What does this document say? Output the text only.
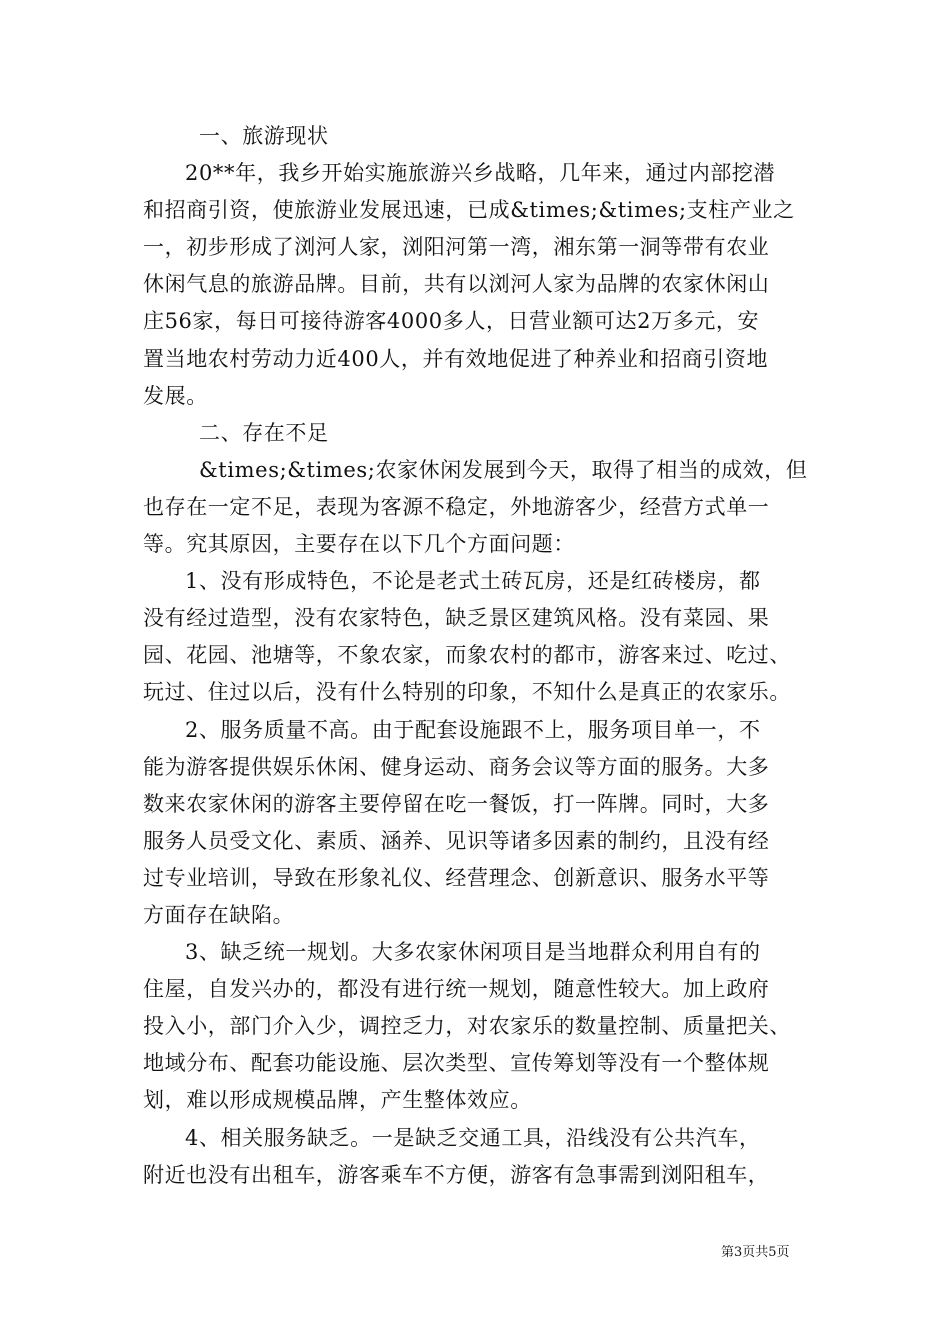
一、旅游现状
20**年，我乡开始实施旅游兴乡战略，几年来，通过内部挖潜
和招商引资，使旅游业发展迅速，已成&times;&times;支柱产业之
一，初步形成了浏河人家，浏阳河第一湾，湘东第一洞等带有农业
休闲气息的旅游品牌。目前，共有以浏河人家为品牌的农家休闲山
庄56家，每日可接待游客4000多人，日营业额可达2万多元，安
置当地农村劳动力近400人，并有效地促进了种养业和招商引资地
发展。
二、存在不足
&times;&times;农家休闲发展到今天，取得了相当的成效，但
也存在一定不足，表现为客源不稳定，外地游客少，经营方式单一
等。究其原因，主要存在以下几个方面问题：
1、没有形成特色，不论是老式土砖瓦房，还是红砖楼房，都
没有经过造型，没有农家特色，缺乏景区建筑风格。没有菜园、果
园、花园、池塘等，不象农家，而象农村的都市，游客来过、吃过、
玩过、住过以后，没有什么特别的印象，不知什么是真正的农家乐。
2、服务质量不高。由于配套设施跟不上，服务项目单一，不
能为游客提供娱乐休闲、健身运动、商务会议等方面的服务。大多
数来农家休闲的游客主要停留在吃一餐饭，打一阵牌。同时，大多
服务人员受文化、素质、涵养、见识等诸多因素的制约，且没有经
过专业培训，导致在形象礼仪、经营理念、创新意识、服务水平等
方面存在缺陷。
3、缺乏统一规划。大多农家休闲项目是当地群众利用自有的
住屋，自发兴办的，都没有进行统一规划，随意性较大。加上政府
投入小，部门介入少，调控乏力，对农家乐的数量控制、质量把关、
地域分布、配套功能设施、层次类型、宣传筹划等没有一个整体规
划，难以形成规模品牌，产生整体效应。
4、相关服务缺乏。一是缺乏交通工具，沿线没有公共汽车，
附近也没有出租车，游客乘车不方便，游客有急事需到浏阳租车，
第3页共5页
